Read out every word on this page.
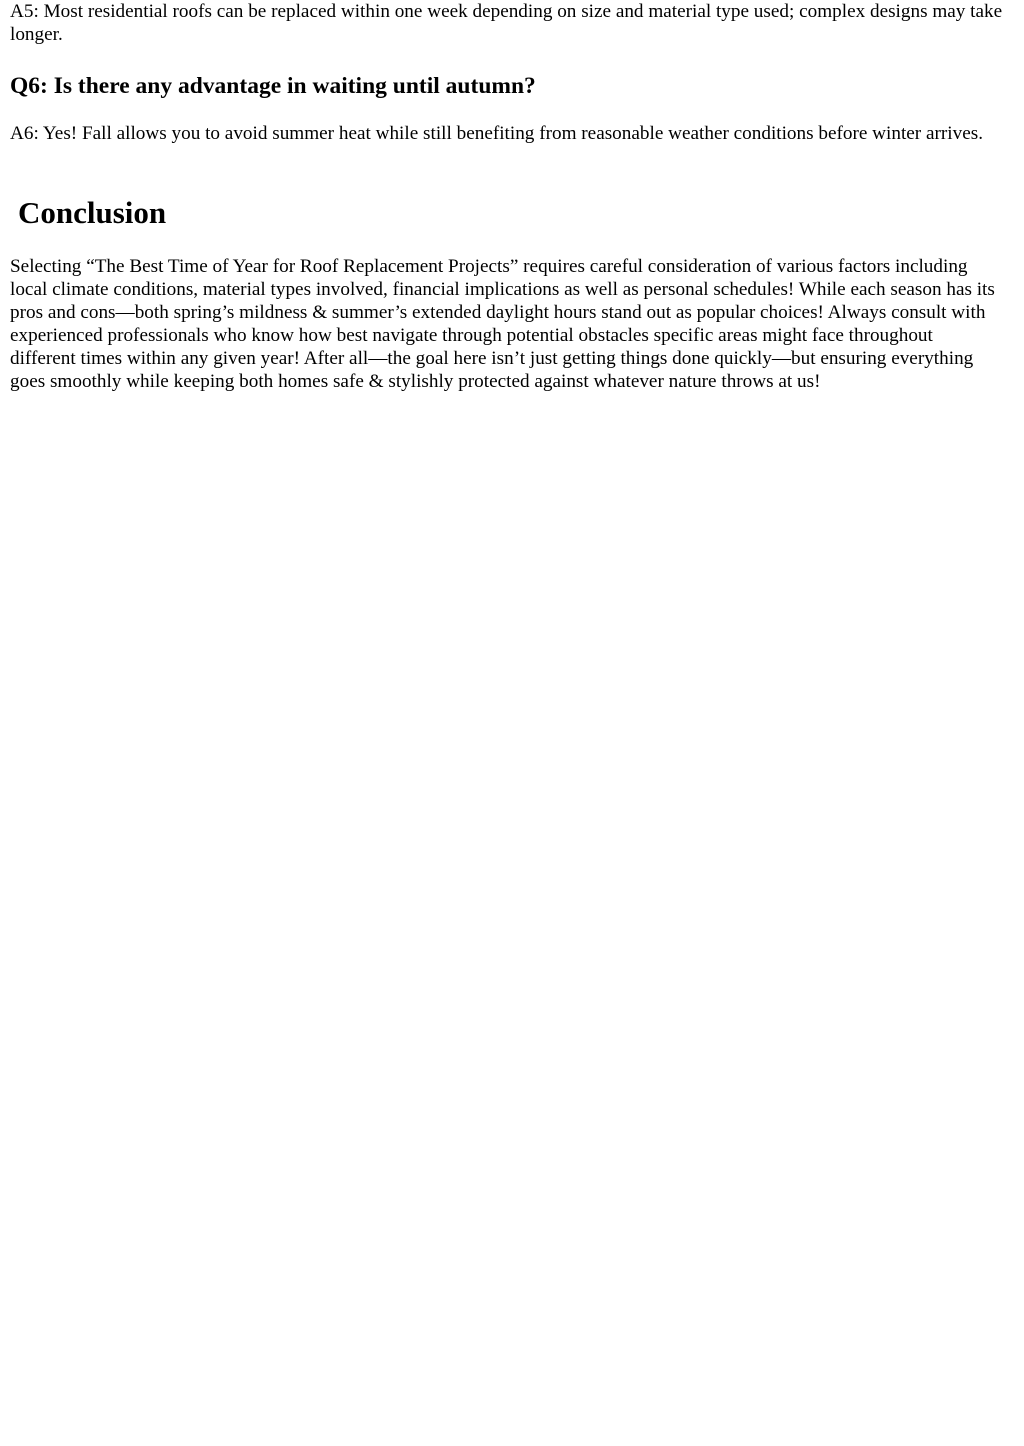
A5: Most residential roofs can be replaced within one week depending on size and material type used; complex designs may take longer.

Q6: Is there any advantage in waiting until autumn?

A6: Yes! Fall allows you to avoid summer heat while still benefiting from reasonable weather conditions before winter arrives.

Conclusion

Selecting “The Best Time of Year for Roof Replacement Projects” requires careful consideration of various factors including local climate conditions, material types involved, financial implications as well as personal schedules! While each season has its pros and cons—both spring’s mildness & summer’s extended daylight hours stand out as popular choices! Always consult with experienced professionals who know how best navigate through potential obstacles specific areas might face throughout different times within any given year! After all—the goal here isn’t just getting things done quickly—but ensuring everything goes smoothly while keeping both homes safe & stylishly protected against whatever nature throws at us!
